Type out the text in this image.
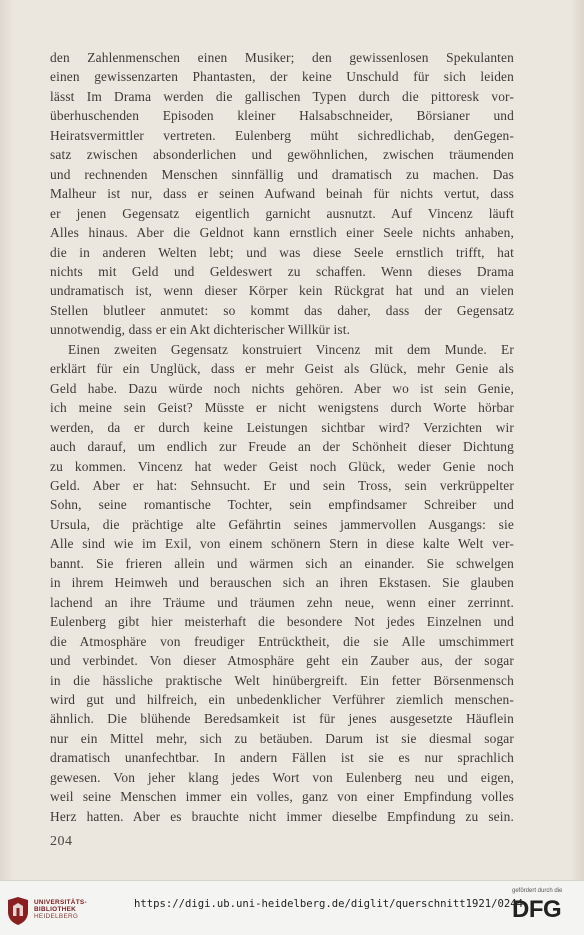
den Zahlenmenschen einen Musiker; den gewissenlosen Spekulanten
einen gewissenzarten Phantasten, der keine Unschuld für sich leiden
lässt Im Drama werden die gallischen Typen durch die pittoresk vor-
überhuschenden Episoden kleiner Halsabschneider, Börsianer und
Heiratsvermittler vertreten. Eulenberg müht sichredlichab, denGegen-
satz zwischen absonderlichen und gewöhnlichen, zwischen träumenden
und rechnenden Menschen sinnfällig und dramatisch zu machen. Das
Malheur ist nur, dass er seinen Aufwand beinah für nichts vertut, dass
er jenen Gegensatz eigentlich garnicht ausnutzt. Auf Vincenz läuft
Alles hinaus. Aber die Geldnot kann ernstlich einer Seele nichts anhaben,
die in anderen Welten lebt; und was diese Seele ernstlich trifft, hat
nichts mit Geld und Geldeswert zu schaffen. Wenn dieses Drama
undramatisch ist, wenn dieser Körper kein Rückgrat hat und an vielen
Stellen blutleer anmutet: so kommt das daher, dass der Gegensatz
unnotwendig, dass er ein Akt dichterischer Willkür ist.
Einen zweiten Gegensatz konstruiert Vincenz mit dem Munde. Er
erklärt für ein Unglück, dass er mehr Geist als Glück, mehr Genie als
Geld habe. Dazu würde noch nichts gehören. Aber wo ist sein Genie,
ich meine sein Geist? Müsste er nicht wenigstens durch Worte hörbar
werden, da er durch keine Leistungen sichtbar wird? Verzichten wir
auch darauf, um endlich zur Freude an der Schönheit dieser Dichtung
zu kommen. Vincenz hat weder Geist noch Glück, weder Genie noch
Geld. Aber er hat: Sehnsucht. Er und sein Tross, sein verkrüppelter
Sohn, seine romantische Tochter, sein empfindsamer Schreiber und
Ursula, die prächtige alte Gefährtin seines jammervollen Ausgangs: sie
Alle sind wie im Exil, von einem schönern Stern in diese kalte Welt ver-
bannt. Sie frieren allein und wärmen sich an einander. Sie schwelgen
in ihrem Heimweh und berauschen sich an ihren Ekstasen. Sie glauben
lachend an ihre Träume und träumen zehn neue, wenn einer zerrinnt.
Eulenberg gibt hier meisterhaft die besondere Not jedes Einzelnen und
die Atmosphäre von freudiger Entrücktheit, die sie Alle umschimmert
und verbindet. Von dieser Atmosphäre geht ein Zauber aus, der sogar
in die hässliche praktische Welt hinübergreift. Ein fetter Börsenmensch
wird gut und hilfreich, ein unbedenklicher Verführer ziemlich menschen-
ähnlich. Die blühende Beredsamkeit ist für jenes ausgesetzte Häuflein
nur ein Mittel mehr, sich zu betäuben. Darum ist sie diesmal sogar
dramatisch unanfechtbar. In andern Fällen ist sie es nur sprachlich
gewesen. Von jeher klang jedes Wort von Eulenberg neu und eigen,
weil seine Menschen immer ein volles, ganz von einer Empfindung volles
Herz hatten. Aber es brauchte nicht immer dieselbe Empfindung zu sein.
204
UNIVERSITÄTS-
BIBLIOTHEK
HEIDELBERG
https://digi.ub.uni-heidelberg.de/diglit/querschnitt1921/0244
gefördert durch die
DFG
